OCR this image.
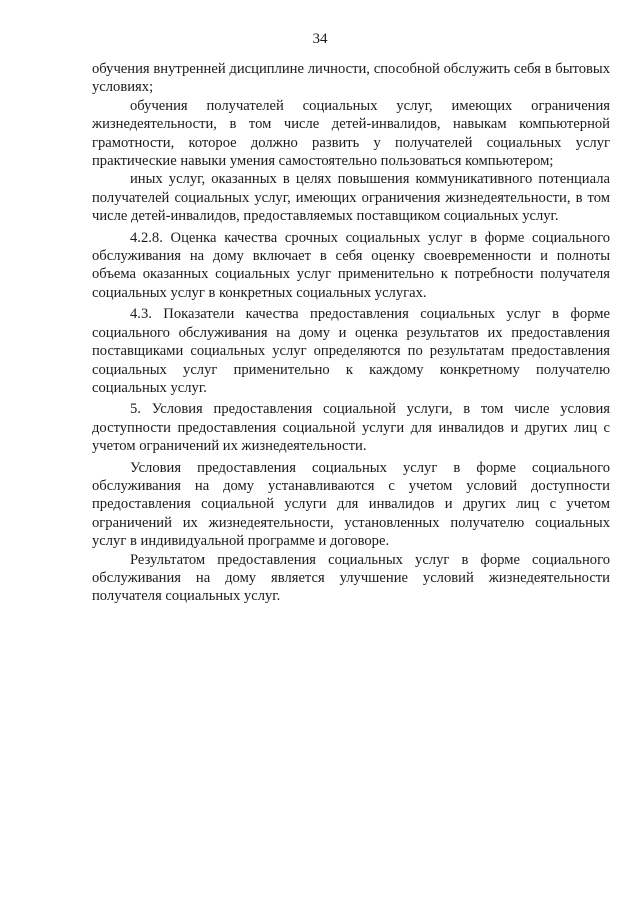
34

обучения внутренней дисциплине личности, способной обслужить себя в бытовых условиях;

обучения получателей социальных услуг, имеющих ограничения жизнедеятельности, в том числе детей-инвалидов, навыкам компьютерной грамотности, которое должно развить у получателей социальных услуг практические навыки умения самостоятельно пользоваться компьютером;

иных услуг, оказанных в целях повышения коммуникативного потенциала получателей социальных услуг, имеющих ограничения жизнедеятельности, в том числе детей-инвалидов, предоставляемых поставщиком социальных услуг.

4.2.8. Оценка качества срочных социальных услуг в форме социального обслуживания на дому включает в себя оценку своевременности и полноты объема оказанных социальных услуг применительно к потребности получателя социальных услуг в конкретных социальных услугах.

4.3. Показатели качества предоставления социальных услуг в форме социального обслуживания на дому и оценка результатов их предоставления поставщиками социальных услуг определяются по результатам предоставления социальных услуг применительно к каждому конкретному получателю социальных услуг.

5. Условия предоставления социальной услуги, в том числе условия доступности предоставления социальной услуги для инвалидов и других лиц с учетом ограничений их жизнедеятельности.

Условия предоставления социальных услуг в форме социального обслуживания на дому устанавливаются с учетом условий доступности предоставления социальной услуги для инвалидов и других лиц с учетом ограничений их жизнедеятельности, установленных получателю социальных услуг в индивидуальной программе и договоре.

Результатом предоставления социальных услуг в форме социального обслуживания на дому является улучшение условий жизнедеятельности получателя социальных услуг.
